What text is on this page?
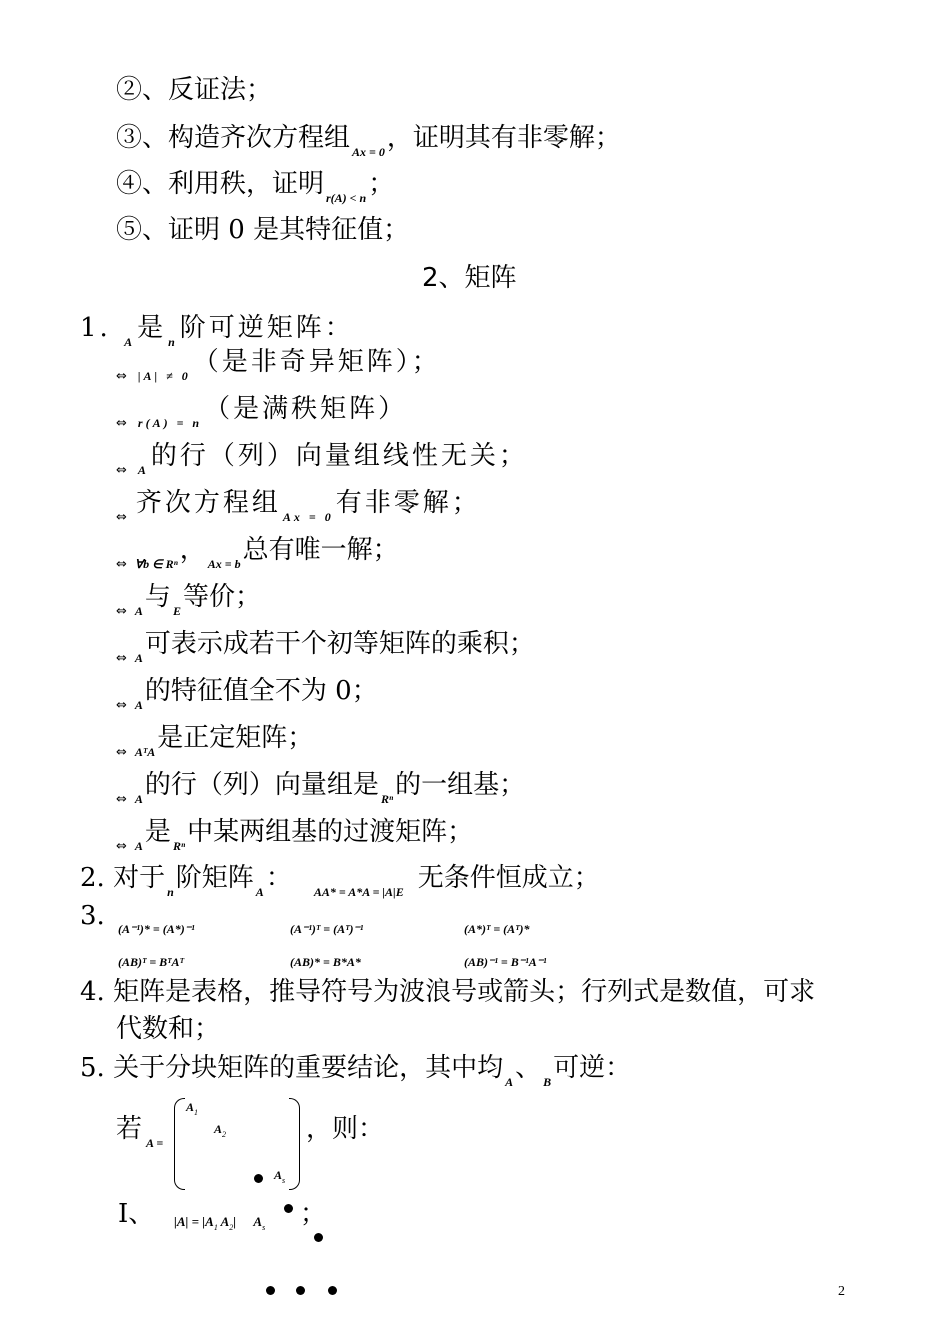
②、反证法；
③、构造齐次方程组 $_{Ax = 0}$，证明其有非零解；
④、利用秩，证明 $_{r(A) < n}$；
⑤、证明 0 是其特征值；
2、矩阵
1. $_A$是 $_n$阶可逆矩阵：
$_\Leftrightarrow$ $_{|A| \ne 0}$（是非奇异矩阵）；
$_\Leftrightarrow$ $_{r(A) = n}$（是满秩矩阵）
$_\Leftrightarrow$ $_A$的行（列）向量组线性无关；
$_\Leftrightarrow$ 齐次方程组 $_{Ax = 0}$有非零解；
$_\Leftrightarrow$ $_{\forall b \in R^n}$， $_{Ax = b}$总有唯一解；
$_\Leftrightarrow$ $_A$与 $_E$等价；
$_\Leftrightarrow$ $_A$可表示成若干个初等矩阵的乘积；
$_\Leftrightarrow$ $_A$的特征值全不为 0；
$_\Leftrightarrow$ $_{AᵀA}$是正定矩阵；
$_\Leftrightarrow$ $_A$的行（列）向量组是 $_{R^n}$的一组基；
$_\Leftrightarrow$ $_A$是 $_{R^n}$中某两组基的过渡矩阵；
2. 对于 $_n$阶矩阵 $_A$： $_{AA* = A*A = |A|E}$ 无条件恒成立；
3. (A⁻¹)* = (A*)⁻¹	(A⁻¹)ᵀ = (Aᵀ)⁻¹	(A*)ᵀ = (Aᵀ)*
(AB)ᵀ = BᵀAᵀ	(AB)* = B*A*	(AB)⁻¹ = B⁻¹A⁻¹
4. 矩阵是表格，推导符号为波浪号或箭头；行列式是数值，可求
代数和；
5. 关于分块矩阵的重要结论，其中均 $_A$、 $_B$可逆：
若 A =
$A_1$
$A_2$
$A_s$
，则：
Ⅰ、 $|A| = |A_1$ $A_2|$ $A_s$ ；
2
